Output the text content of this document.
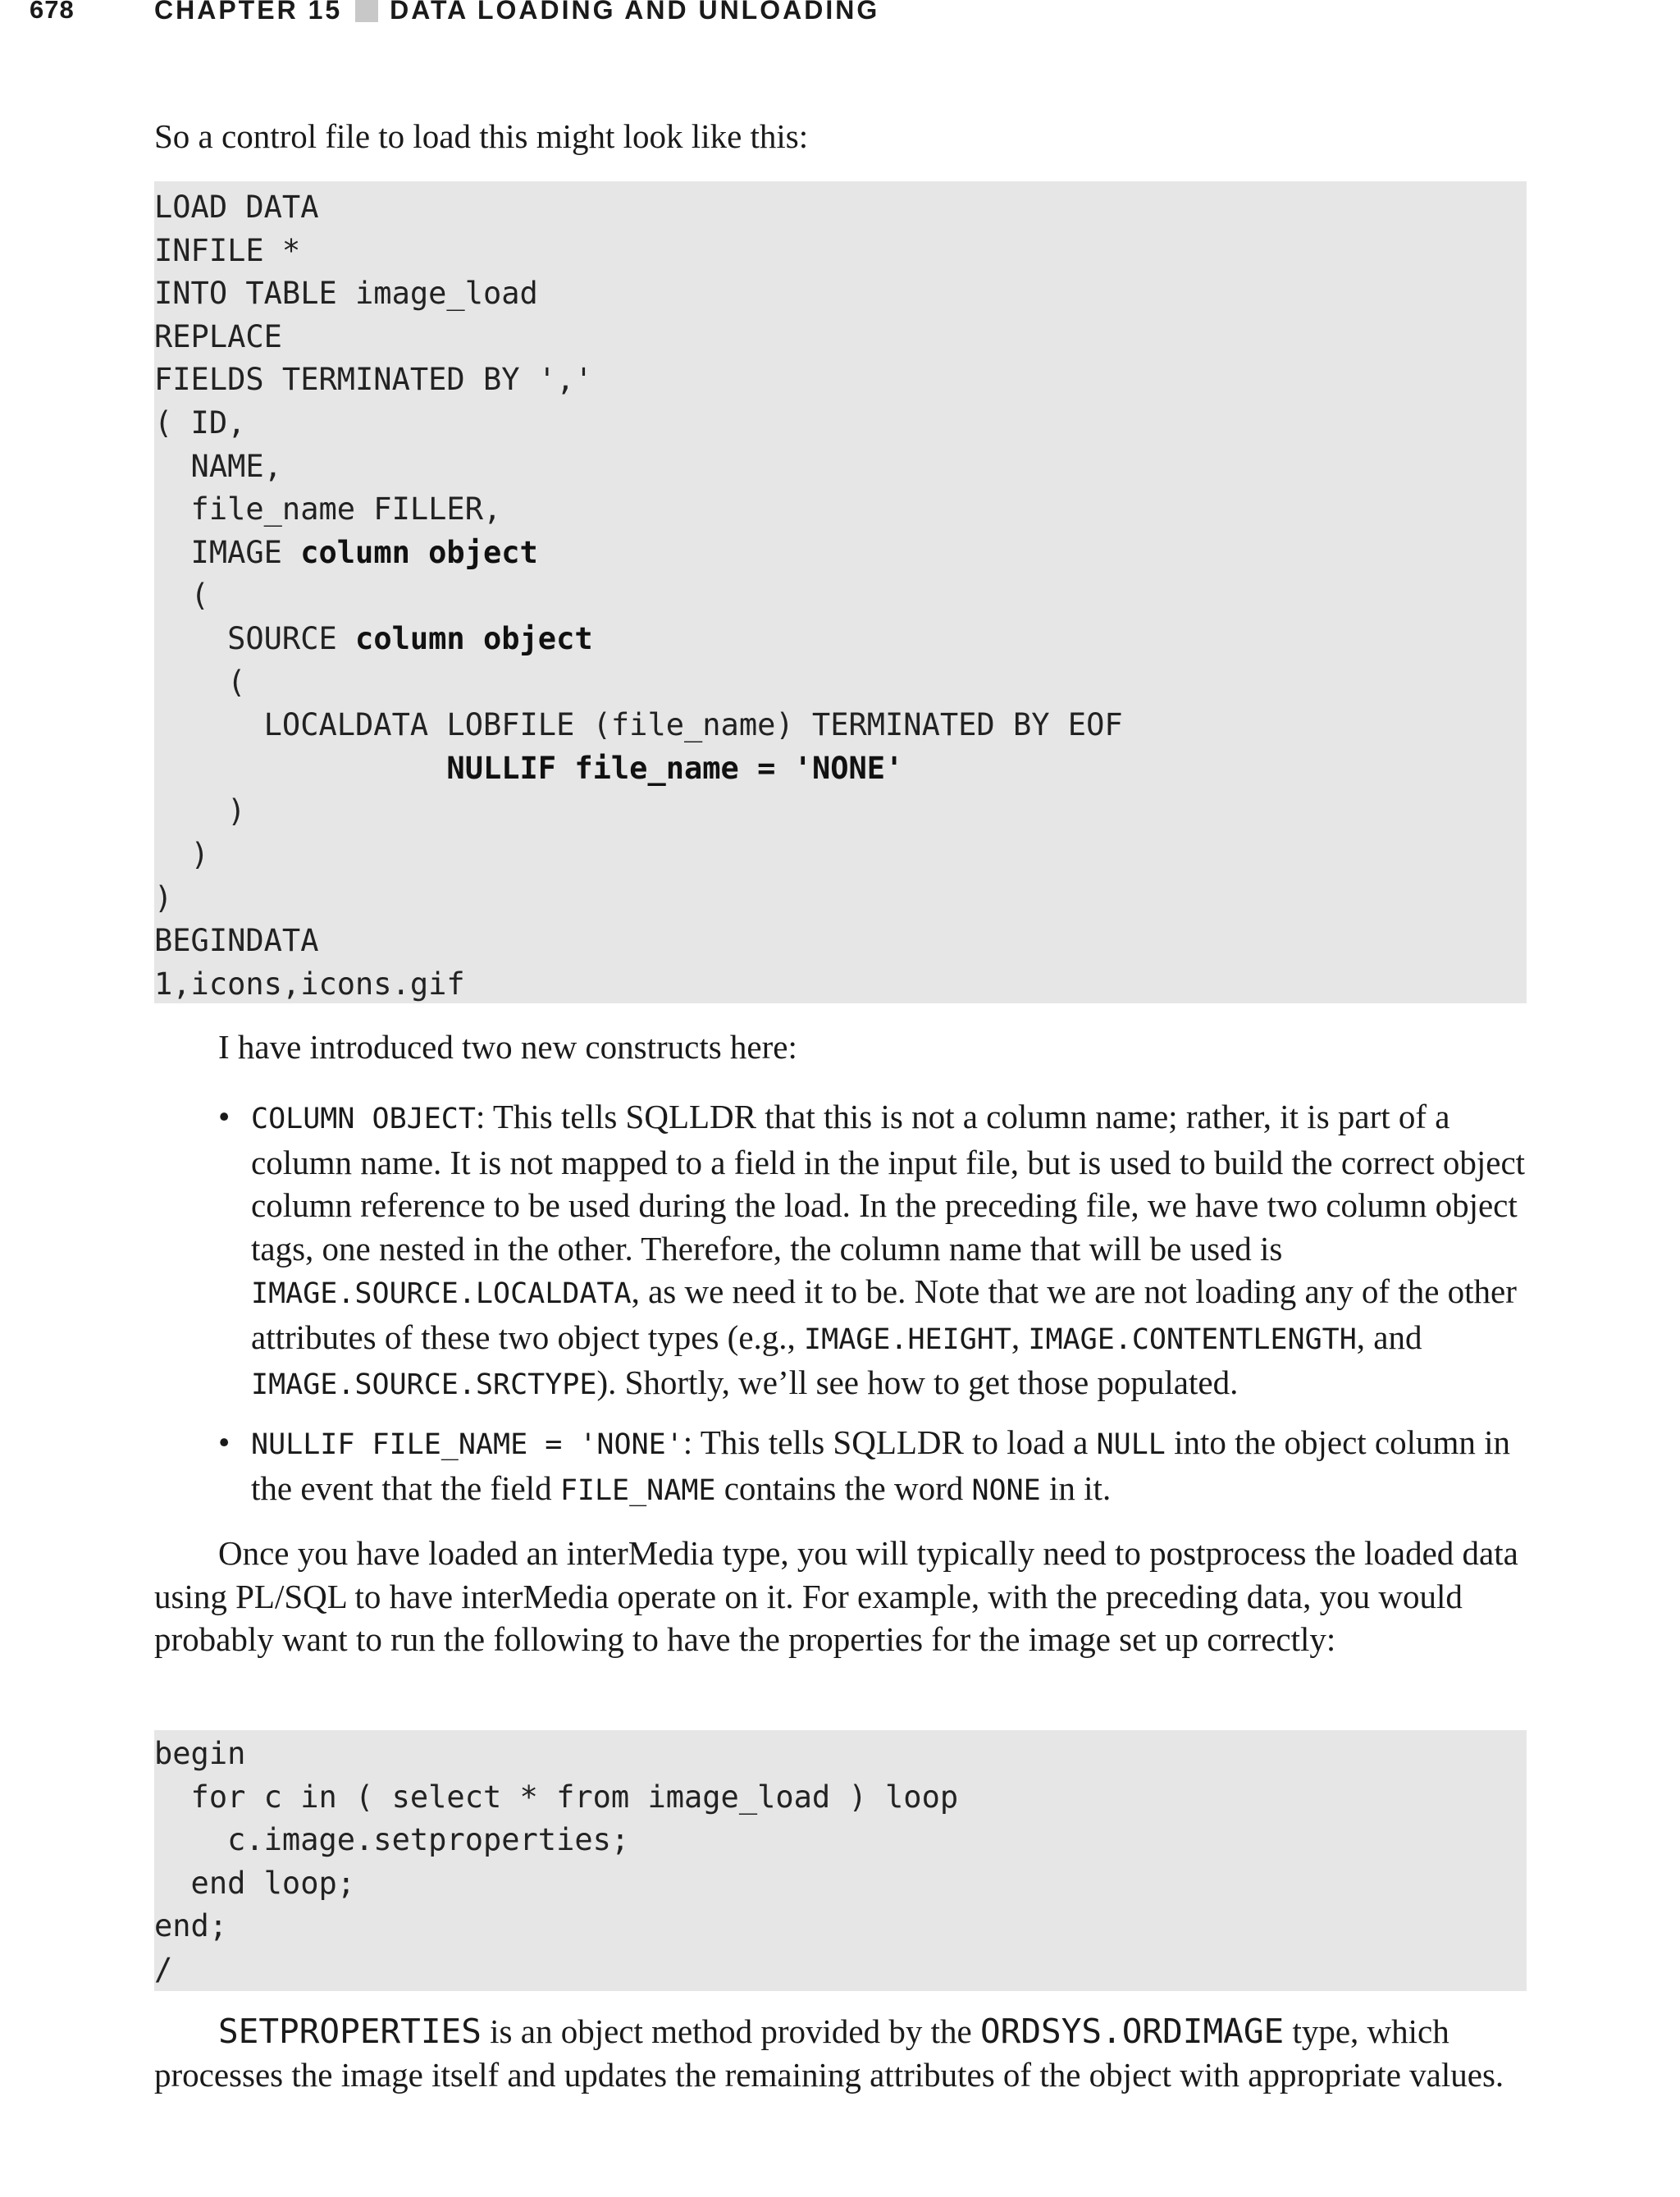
678	CHAPTER 15 DATA LOADING AND UNLOADING
So a control file to load this might look like this:
LOAD DATA
INFILE *
INTO TABLE image_load
REPLACE
FIELDS TERMINATED BY ','
( ID,
NAME,
file_name FILLER,
IMAGE column object
(
SOURCE column object
(
LOCALDATA LOBFILE (file_name) TERMINATED BY EOF
NULLIF file_name = 'NONE'
)
)
)
BEGINDATA
1,icons,icons.gif
I have introduced two new constructs here:
• COLUMN OBJECT: This tells SQLLDR that this is not a column name; rather, it is part of a column name. It is not mapped to a field in the input file, but is used to build the correct object column reference to be used during the load. In the preceding file, we have two column object tags, one nested in the other. Therefore, the column name that will be used is IMAGE.SOURCE.LOCALDATA, as we need it to be. Note that we are not loading any of the other attributes of these two object types (e.g., IMAGE.HEIGHT, IMAGE.CONTENTLENGTH, and IMAGE.SOURCE.SRCTYPE). Shortly, we’ll see how to get those populated.
• NULLIF FILE_NAME = 'NONE': This tells SQLLDR to load a NULL into the object column in the event that the field FILE_NAME contains the word NONE in it.
Once you have loaded an interMedia type, you will typically need to postprocess the loaded data using PL/SQL to have interMedia operate on it. For example, with the preceding data, you would probably want to run the following to have the properties for the image set up correctly:
begin
for c in ( select * from image_load ) loop
c.image.setproperties;
end loop;
end;
/
SETPROPERTIES is an object method provided by the ORDSYS.ORDIMAGE type, which processes the image itself and updates the remaining attributes of the object with appropriate values.
